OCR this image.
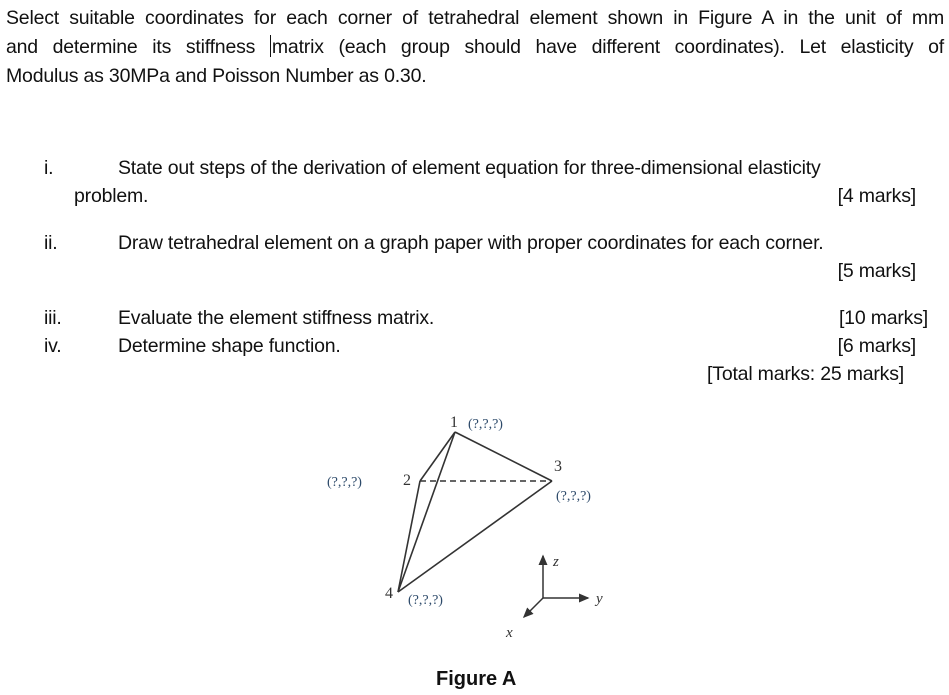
Select suitable coordinates for each corner of tetrahedral element shown in Figure A in the unit of mm
and determine its stiffness matrix (each group should have different coordinates). Let elasticity of
Modulus as 30MPa and Poisson Number as 0.30.
i.	State out steps of the derivation of element equation for three-dimensional elasticity
problem.	[4 marks]
ii.	Draw tetrahedral element on a graph paper with proper coordinates for each corner.
[5 marks]
iii.	Evaluate the element stiffness matrix.	[10 marks]
iv.	Determine shape function.	[6 marks]
[Total marks: 25 marks]
1 (?,?,?)
2
(?,?,?)
3
(?,?,?)
4 (?,?,?)
z
y
x
Figure A
